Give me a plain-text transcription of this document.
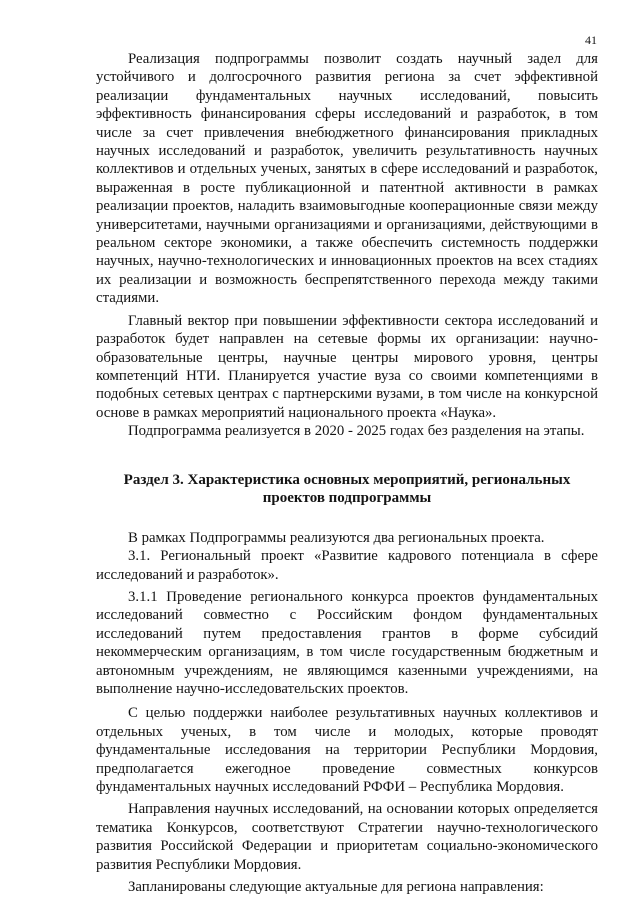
41

Реализация подпрограммы позволит создать научный задел для устойчивого и долгосрочного развития региона за счет эффективной реализации фундаментальных научных исследований, повысить эффективность финансирования сферы исследований и разработок, в том числе за счет привлечения внебюджетного финансирования прикладных научных исследований и разработок, увеличить результативность научных коллективов и отдельных ученых, занятых в сфере исследований и разработок, выраженная в росте публикационной и патентной активности в рамках реализации проектов, наладить взаимовыгодные кооперационные связи между университетами, научными организациями и организациями, действующими в реальном секторе экономики, а также обеспечить системность поддержки научных, научно-технологических и инновационных проектов на всех стадиях их реализации и возможность беспрепятственного перехода между такими стадиями.

Главный вектор при повышении эффективности сектора исследований и разработок будет направлен на сетевые формы их организации: научно-образовательные центры, научные центры мирового уровня, центры компетенций НТИ. Планируется участие вуза со своими компетенциями в подобных сетевых центрах с партнерскими вузами, в том числе на конкурсной основе в рамках мероприятий национального проекта «Наука».

Подпрограмма реализуется в 2020 - 2025 годах без разделения на этапы.

Раздел 3. Характеристика основных мероприятий, региональных проектов подпрограммы

В рамках Подпрограммы реализуются два региональных проекта.

3.1. Региональный проект «Развитие кадрового потенциала в сфере исследований и разработок».

3.1.1 Проведение регионального конкурса проектов фундаментальных исследований совместно с Российским фондом фундаментальных исследований путем предоставления грантов в форме субсидий некоммерческим организациям, в том числе государственным бюджетным и автономным учреждениям, не являющимся казенными учреждениями, на выполнение научно-исследовательских проектов.

С целью поддержки наиболее результативных научных коллективов и отдельных ученых, в том числе и молодых, которые проводят фундаментальные исследования на территории Республики Мордовия, предполагается ежегодное проведение совместных конкурсов фундаментальных научных исследований РФФИ – Республика Мордовия.

Направления научных исследований, на основании которых определяется тематика Конкурсов, соответствуют Стратегии научно-технологического развития Российской Федерации и приоритетам социально-экономического развития Республики Мордовия.

Запланированы следующие актуальные для региона направления:
